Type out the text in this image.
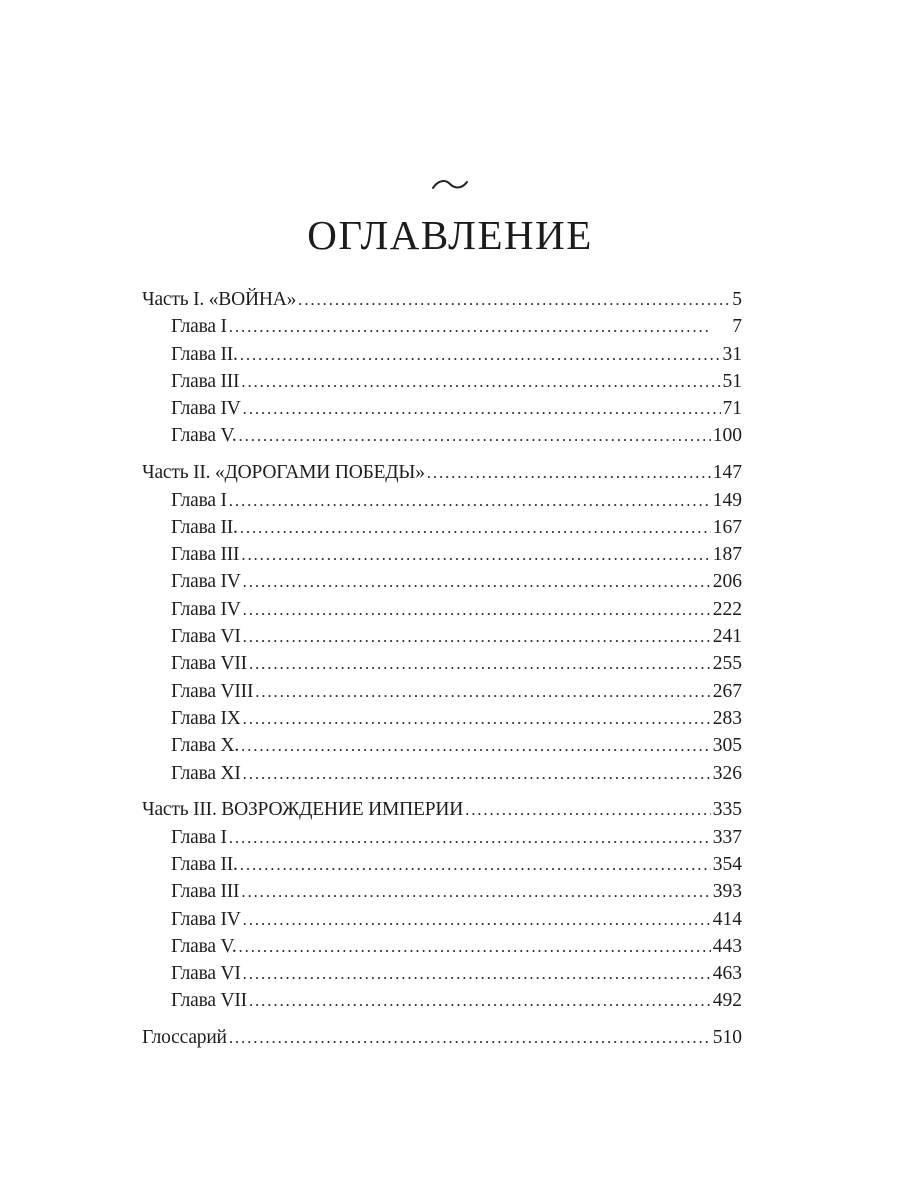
ОГЛАВЛЕНИЕ
Часть I. «ВОЙНА» . . .	5
Глава I . . .	7
Глава II. . . .	31
Глава III . . .	51
Глава IV . . .	71
Глава V. . . .	100
Часть II. «ДОРОГАМИ ПОБЕДЫ» . . .	147
Глава I . . .	149
Глава II. . . .	167
Глава III . . .	187
Глава IV . . .	206
Глава IV . . .	222
Глава VI . . .	241
Глава VII . . .	255
Глава VIII . . .	267
Глава IX . . .	283
Глава X. . . .	305
Глава XI . . .	326
Часть III. ВОЗРОЖДЕНИЕ ИМПЕРИИ . . .	335
Глава I . . .	337
Глава II. . . .	354
Глава III . . .	393
Глава IV . . .	414
Глава V. . . .	443
Глава VI . . .	463
Глава VII . . .	492
Глоссарий . . .	510
